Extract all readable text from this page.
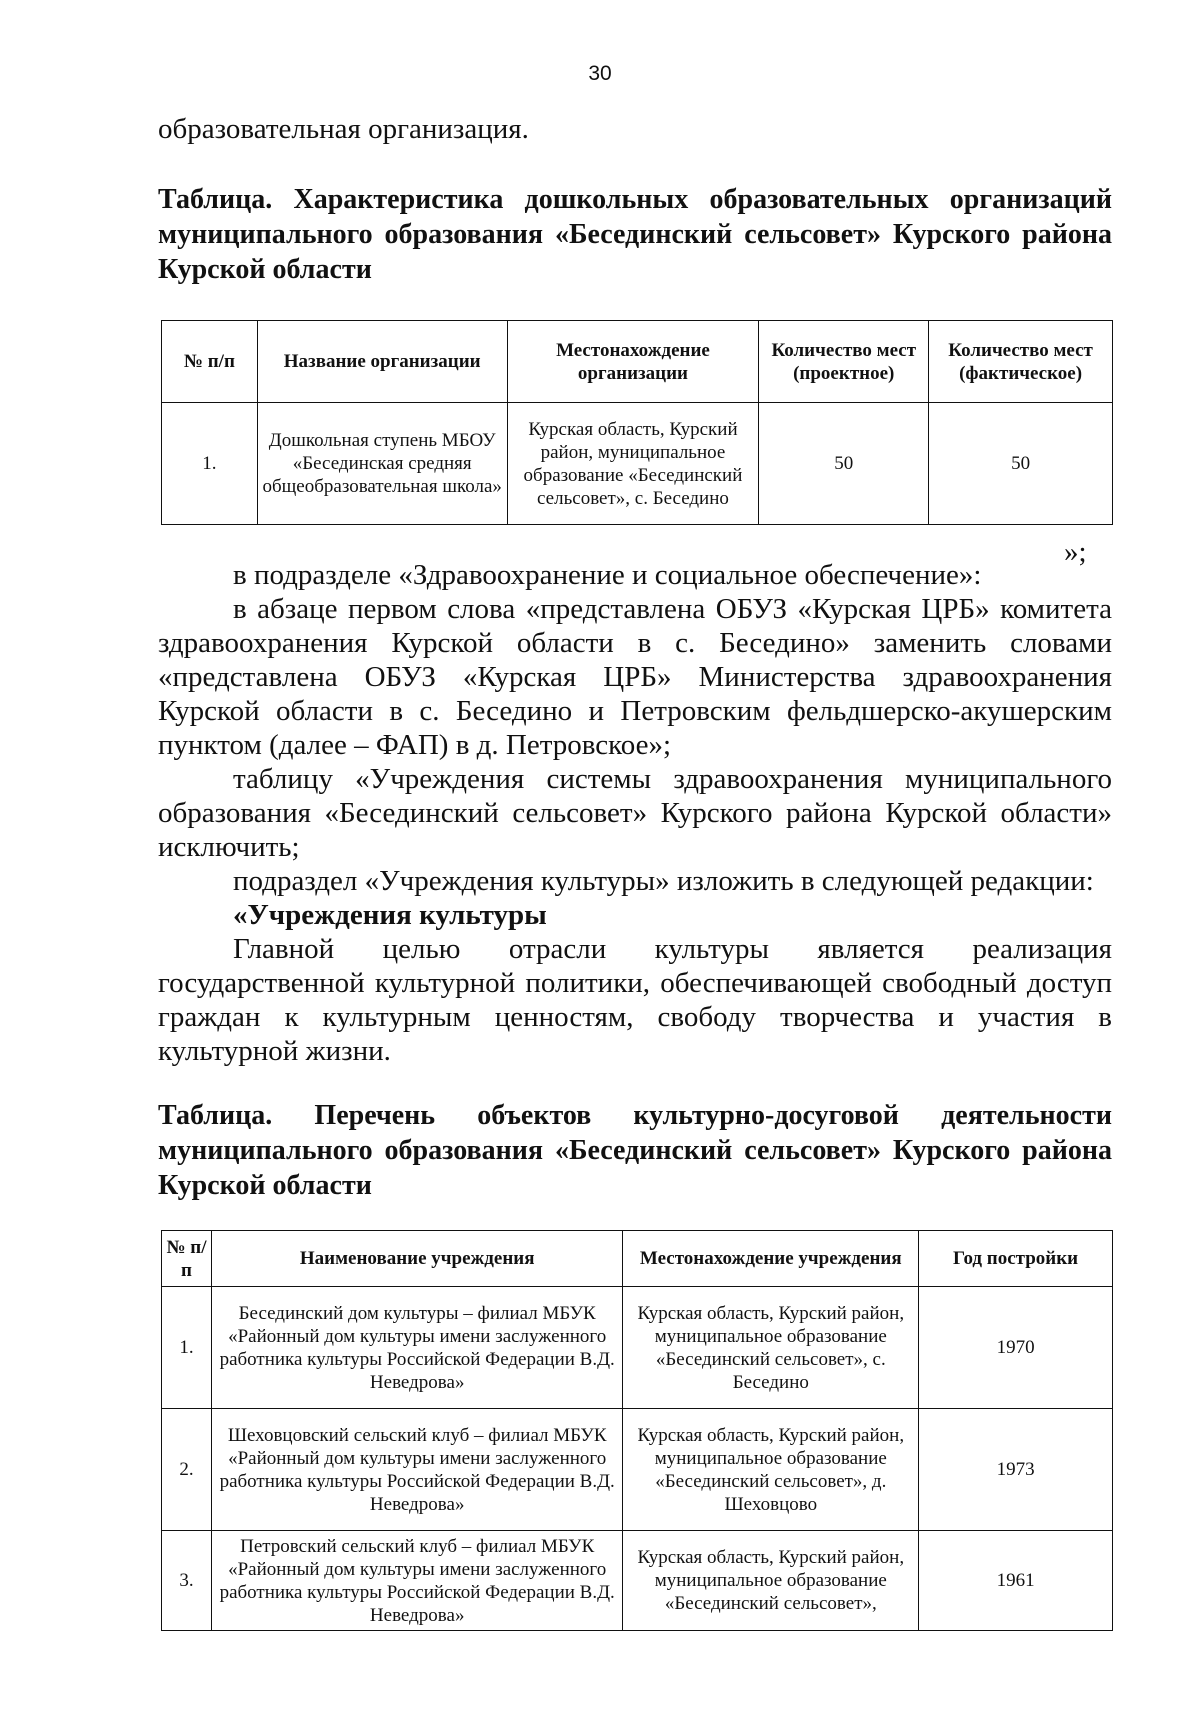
30

образовательная организация.

Таблица. Характеристика дошкольных образовательных организаций муниципального образования «Бесединский сельсовет» Курского района Курской области
№ п/п	Название организации	Местонахождение организации	Количество мест (проектное)	Количество мест (фактическое)
1.	Дошкольная ступень МБОУ «Бесединская средняя общеобразовательная школа»	Курская область, Курский район, муниципальное образование «Бесединский сельсовет», с. Беседино	50	50
»;

в подразделе «Здравоохранение и социальное обеспечение»:

в абзаце первом слова «представлена ОБУЗ «Курская ЦРБ» комитета здравоохранения Курской области в с. Беседино» заменить словами «представлена ОБУЗ «Курская ЦРБ» Министерства здравоохранения Курской области в с. Беседино и Петровским фельдшерско-акушерским пунктом (далее – ФАП) в д. Петровское»;

таблицу «Учреждения системы здравоохранения муниципального образования «Бесединский сельсовет» Курского района Курской области» исключить;

подраздел «Учреждения культуры» изложить в следующей редакции:

«Учреждения культуры

Главной целью отрасли культуры является реализация государственной культурной политики, обеспечивающей свободный доступ граждан к культурным ценностям, свободу творчества и участия в культурной жизни.

Таблица. Перечень объектов культурно-досуговой деятельности муниципального образования «Бесединский сельсовет» Курского района Курской области
№ п/п	Наименование учреждения	Местонахождение учреждения	Год постройки
1.	Бесединский дом культуры – филиал МБУК «Районный дом культуры имени заслуженного работника культуры Российской Федерации В.Д. Неведрова»	Курская область, Курский район, муниципальное образование «Бесединский сельсовет», с. Беседино	1970
2.	Шеховцовский сельский клуб – филиал МБУК «Районный дом культуры имени заслуженного работника культуры Российской Федерации В.Д. Неведрова»	Курская область, Курский район, муниципальное образование «Бесединский сельсовет», д. Шеховцово	1973
3.	Петровский сельский клуб – филиал МБУК «Районный дом культуры имени заслуженного работника культуры Российской Федерации В.Д. Неведрова»	Курская область, Курский район, муниципальное образование «Бесединский сельсовет»,	1961
